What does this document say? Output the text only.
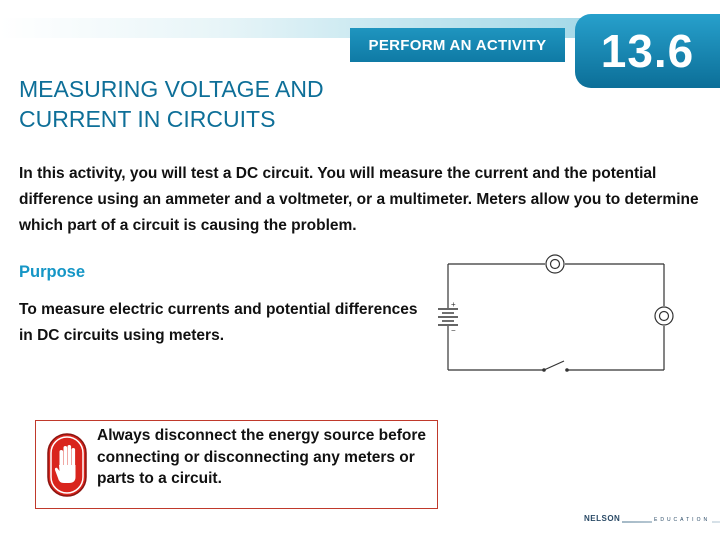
PERFORM AN ACTIVITY 13.6
MEASURING VOLTAGE AND CURRENT IN CIRCUITS

In this activity, you will test a DC circuit. You will measure the current and the potential difference using an ammeter and a voltmeter, or a multimeter. Meters allow you to determine which part of a circuit is causing the problem.

Purpose

To measure electric currents and potential differences in DC circuits using meters.

+
−

Always disconnect the energy source before connecting or disconnecting any meters or parts to a circuit.

NELSON	EDUCATION
